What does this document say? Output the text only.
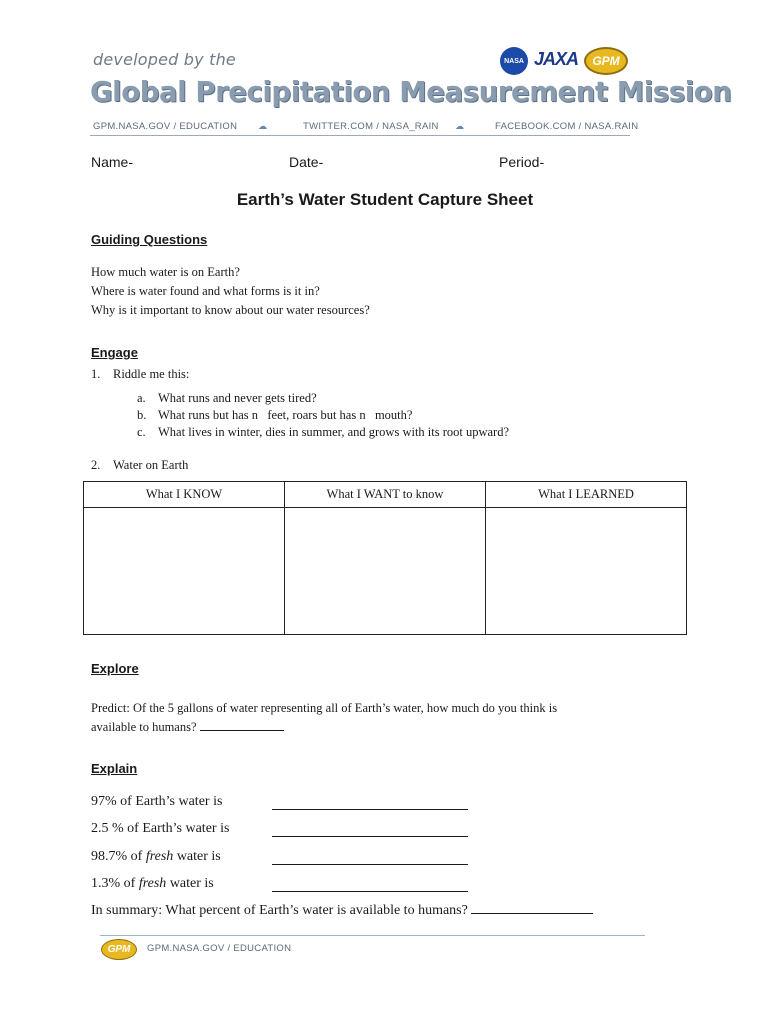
developed by the	NASA JAXA	GPM
Global Precipitation Measurement Mission
GPM.NASA.GOV / EDUCATION ☁	TWITTER.COM / NASA_RAIN ☁	FACEBOOK.COM / NASA.RAIN
Name-	Date-	Period-
Earth’s Water Student Capture Sheet
Guiding Questions
How much water is on Earth?
Where is water found and what forms is it in?
Why is it important to know about our water resources?
Engage
1. Riddle me this:
a. What runs and never gets tired?
b. What runs but has n   feet, roars but has n   mouth?
c. What lives in winter, dies in summer, and grows with its root upward?
2. Water on Earth
What I KNOW	What I WANT to know	What I LEARNED

Explore
Predict: Of the 5 gallons of water representing all of Earth’s water, how much do you think is
available to humans?
Explain
97% of Earth’s water is
2.5 % of Earth’s water is
98.7% of fresh water is
1.3% of fresh water is
In summary: What percent of Earth’s water is available to humans?
GPM	GPM.NASA.GOV / EDUCATION
